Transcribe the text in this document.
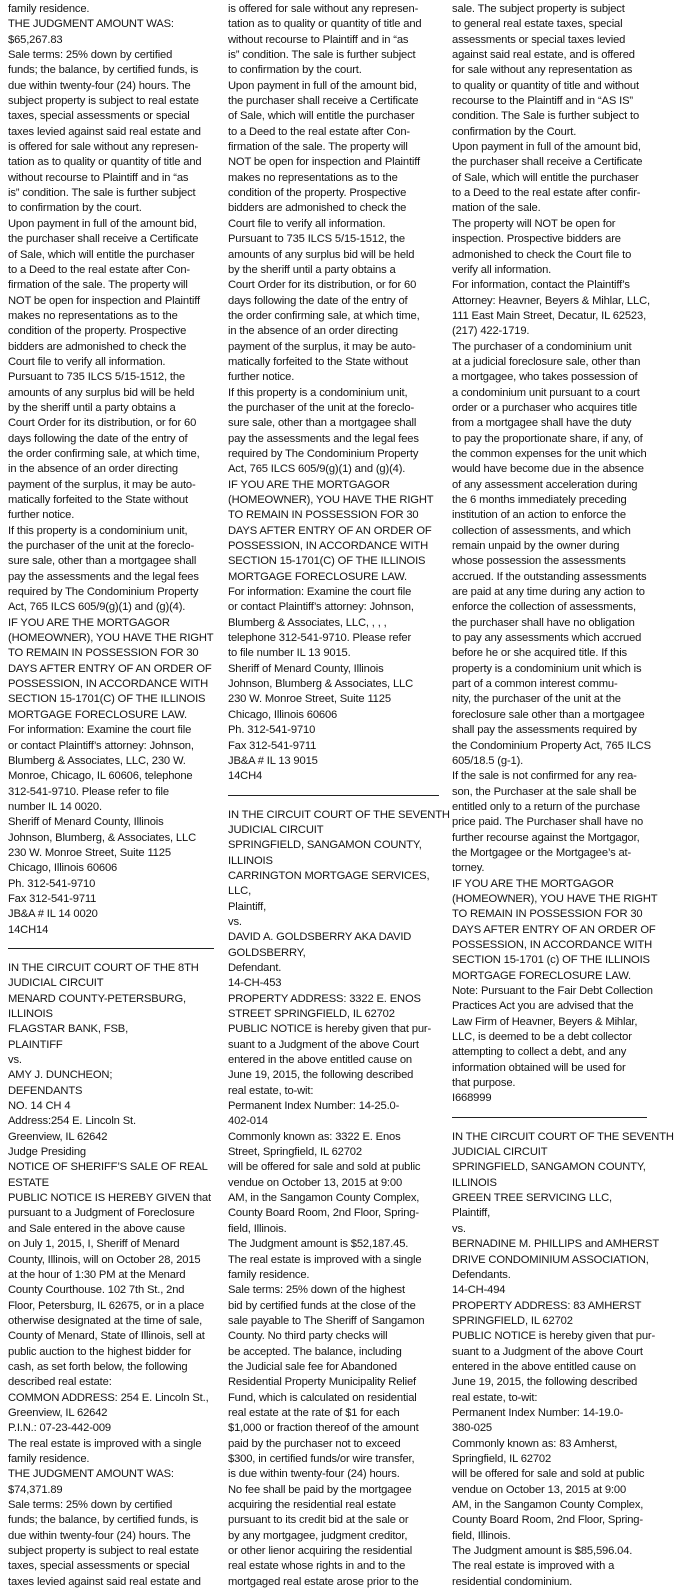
family residence.
THE JUDGMENT AMOUNT WAS:
$65,267.83
Sale terms: 25% down by certified
funds; the balance, by certified funds, is
due within twenty-four (24) hours. The
subject property is subject to real estate
taxes, special assessments or special
taxes levied against said real estate and
is offered for sale without any represen-
tation as to quality or quantity of title and
without recourse to Plaintiff and in “as
is” condition. The sale is further subject
to confirmation by the court.
Upon payment in full of the amount bid,
the purchaser shall receive a Certificate
of Sale, which will entitle the purchaser
to a Deed to the real estate after Con-
firmation of the sale. The property will
NOT be open for inspection and Plaintiff
makes no representations as to the
condition of the property. Prospective
bidders are admonished to check the
Court file to verify all information.
Pursuant to 735 ILCS 5/15-1512, the
amounts of any surplus bid will be held
by the sheriff until a party obtains a
Court Order for its distribution, or for 60
days following the date of the entry of
the order confirming sale, at which time,
in the absence of an order directing
payment of the surplus, it may be auto-
matically forfeited to the State without
further notice.
If this property is a condominium unit,
the purchaser of the unit at the foreclo-
sure sale, other than a mortgagee shall
pay the assessments and the legal fees
required by The Condominium Property
Act, 765 ILCS 605/9(g)(1) and (g)(4).
IF YOU ARE THE MORTGAGOR
(HOMEOWNER), YOU HAVE THE RIGHT
TO REMAIN IN POSSESSION FOR 30
DAYS AFTER ENTRY OF AN ORDER OF
POSSESSION, IN ACCORDANCE WITH
SECTION 15-1701(C) OF THE ILLINOIS
MORTGAGE FORECLOSURE LAW.
For information: Examine the court file
or contact Plaintiff’s attorney: Johnson,
Blumberg & Associates, LLC, 230 W.
Monroe, Chicago, IL 60606, telephone
312-541-9710. Please refer to file
number IL 14 0020.
Sheriff of Menard County, Illinois
Johnson, Blumberg, & Associates, LLC
230 W. Monroe Street, Suite 1125
Chicago, Illinois 60606
Ph. 312-541-9710
Fax 312-541-9711
JB&A # IL 14 0020
14CH14
IN THE CIRCUIT COURT OF THE 8TH
JUDICIAL CIRCUIT
MENARD COUNTY-PETERSBURG,
ILLINOIS
FLAGSTAR BANK, FSB,
PLAINTIFF
vs.
AMY J. DUNCHEON;
DEFENDANTS
NO. 14 CH 4
Address:254 E. Lincoln St.
Greenview, IL 62642
Judge Presiding
NOTICE OF SHERIFF’S SALE OF REAL
ESTATE
PUBLIC NOTICE IS HEREBY GIVEN that
pursuant to a Judgment of Foreclosure
and Sale entered in the above cause
on July 1, 2015, I, Sheriff of Menard
County, Illinois, will on October 28, 2015
at the hour of 1:30 PM at the Menard
County Courthouse. 102 7th St., 2nd
Floor, Petersburg, IL 62675, or in a place
otherwise designated at the time of sale,
County of Menard, State of Illinois, sell at
public auction to the highest bidder for
cash, as set forth below, the following
described real estate:
COMMON ADDRESS: 254 E. Lincoln St.,
Greenview, IL 62642
P.I.N.: 07-23-442-009
The real estate is improved with a single
family residence.
THE JUDGMENT AMOUNT WAS:
$74,371.89
Sale terms: 25% down by certified
funds; the balance, by certified funds, is
due within twenty-four (24) hours. The
subject property is subject to real estate
taxes, special assessments or special
taxes levied against said real estate and
is offered for sale without any represen-
tation as to quality or quantity of title and
without recourse to Plaintiff and in “as
is” condition. The sale is further subject
to confirmation by the court.
Upon payment in full of the amount bid,
the purchaser shall receive a Certificate
of Sale, which will entitle the purchaser
to a Deed to the real estate after Con-
firmation of the sale. The property will
NOT be open for inspection and Plaintiff
makes no representations as to the
condition of the property. Prospective
bidders are admonished to check the
Court file to verify all information.
Pursuant to 735 ILCS 5/15-1512, the
amounts of any surplus bid will be held
by the sheriff until a party obtains a
Court Order for its distribution, or for 60
days following the date of the entry of
the order confirming sale, at which time,
in the absence of an order directing
payment of the surplus, it may be auto-
matically forfeited to the State without
further notice.
If this property is a condominium unit,
the purchaser of the unit at the foreclo-
sure sale, other than a mortgagee shall
pay the assessments and the legal fees
required by The Condominium Property
Act, 765 ILCS 605/9(g)(1) and (g)(4).
IF YOU ARE THE MORTGAGOR
(HOMEOWNER), YOU HAVE THE RIGHT
TO REMAIN IN POSSESSION FOR 30
DAYS AFTER ENTRY OF AN ORDER OF
POSSESSION, IN ACCORDANCE WITH
SECTION 15-1701(C) OF THE ILLINOIS
MORTGAGE FORECLOSURE LAW.
For information: Examine the court file
or contact Plaintiff’s attorney: Johnson,
Blumberg & Associates, LLC, , , ,
telephone 312-541-9710. Please refer
to file number IL 13 9015.
Sheriff of Menard County, Illinois
Johnson, Blumberg & Associates, LLC
230 W. Monroe Street, Suite 1125
Chicago, Illinois 60606
Ph. 312-541-9710
Fax 312-541-9711
JB&A # IL 13 9015
14CH4
IN THE CIRCUIT COURT OF THE SEVENTH
JUDICIAL CIRCUIT
SPRINGFIELD, SANGAMON COUNTY,
ILLINOIS
CARRINGTON MORTGAGE SERVICES,
LLC,
Plaintiff,
vs.
DAVID A. GOLDSBERRY AKA DAVID
GOLDSBERRY,
Defendant.
14-CH-453
PROPERTY ADDRESS: 3322 E. ENOS
STREET SPRINGFIELD, IL 62702
PUBLIC NOTICE is hereby given that pur-
suant to a Judgment of the above Court
entered in the above entitled cause on
June 19, 2015, the following described
real estate, to-wit:
Permanent Index Number: 14-25.0-
402-014
Commonly known as: 3322 E. Enos
Street, Springfield, IL 62702
will be offered for sale and sold at public
vendue on October 13, 2015 at 9:00
AM, in the Sangamon County Complex,
County Board Room, 2nd Floor, Spring-
field, Illinois.
The Judgment amount is $52,187.45.
The real estate is improved with a single
family residence.
Sale terms: 25% down of the highest
bid by certified funds at the close of the
sale payable to The Sheriff of Sangamon
County. No third party checks will
be accepted. The balance, including
the Judicial sale fee for Abandoned
Residential Property Municipality Relief
Fund, which is calculated on residential
real estate at the rate of $1 for each
$1,000 or fraction thereof of the amount
paid by the purchaser not to exceed
$300, in certified funds/or wire transfer,
is due within twenty-four (24) hours.
No fee shall be paid by the mortgagee
acquiring the residential real estate
pursuant to its credit bid at the sale or
by any mortgagee, judgment creditor,
or other lienor acquiring the residential
real estate whose rights in and to the
mortgaged real estate arose prior to the
sale. The subject property is subject
to general real estate taxes, special
assessments or special taxes levied
against said real estate, and is offered
for sale without any representation as
to quality or quantity of title and without
recourse to the Plaintiff and in “AS IS”
condition. The Sale is further subject to
confirmation by the Court.
Upon payment in full of the amount bid,
the purchaser shall receive a Certificate
of Sale, which will entitle the purchaser
to a Deed to the real estate after confir-
mation of the sale.
The property will NOT be open for
inspection. Prospective bidders are
admonished to check the Court file to
verify all information.
For information, contact the Plaintiff’s
Attorney: Heavner, Beyers & Mihlar, LLC,
111 East Main Street, Decatur, IL 62523,
(217) 422-1719.
The purchaser of a condominium unit
at a judicial foreclosure sale, other than
a mortgagee, who takes possession of
a condominium unit pursuant to a court
order or a purchaser who acquires title
from a mortgagee shall have the duty
to pay the proportionate share, if any, of
the common expenses for the unit which
would have become due in the absence
of any assessment acceleration during
the 6 months immediately preceding
institution of an action to enforce the
collection of assessments, and which
remain unpaid by the owner during
whose possession the assessments
accrued. If the outstanding assessments
are paid at any time during any action to
enforce the collection of assessments,
the purchaser shall have no obligation
to pay any assessments which accrued
before he or she acquired title. If this
property is a condominium unit which is
part of a common interest commu-
nity, the purchaser of the unit at the
foreclosure sale other than a mortgagee
shall pay the assessments required by
the Condominium Property Act, 765 ILCS
605/18.5 (g-1).
If the sale is not confirmed for any rea-
son, the Purchaser at the sale shall be
entitled only to a return of the purchase
price paid. The Purchaser shall have no
further recourse against the Mortgagor,
the Mortgagee or the Mortgagee’s at-
torney.
IF YOU ARE THE MORTGAGOR
(HOMEOWNER), YOU HAVE THE RIGHT
TO REMAIN IN POSSESSION FOR 30
DAYS AFTER ENTRY OF AN ORDER OF
POSSESSION, IN ACCORDANCE WITH
SECTION 15-1701 (c) OF THE ILLINOIS
MORTGAGE FORECLOSURE LAW.
Note: Pursuant to the Fair Debt Collection
Practices Act you are advised that the
Law Firm of Heavner, Beyers & Mihlar,
LLC, is deemed to be a debt collector
attempting to collect a debt, and any
information obtained will be used for
that purpose.
I668999
IN THE CIRCUIT COURT OF THE SEVENTH
JUDICIAL CIRCUIT
SPRINGFIELD, SANGAMON COUNTY,
ILLINOIS
GREEN TREE SERVICING LLC,
Plaintiff,
vs.
BERNADINE M. PHILLIPS and AMHERST
DRIVE CONDOMINIUM ASSOCIATION,
Defendants.
14-CH-494
PROPERTY ADDRESS: 83 AMHERST
SPRINGFIELD, IL 62702
PUBLIC NOTICE is hereby given that pur-
suant to a Judgment of the above Court
entered in the above entitled cause on
June 19, 2015, the following described
real estate, to-wit:
Permanent Index Number: 14-19.0-
380-025
Commonly known as: 83 Amherst,
Springfield, IL 62702
will be offered for sale and sold at public
vendue on October 13, 2015 at 9:00
AM, in the Sangamon County Complex,
County Board Room, 2nd Floor, Spring-
field, Illinois.
The Judgment amount is $85,596.04.
The real estate is improved with a
residential condominium.
